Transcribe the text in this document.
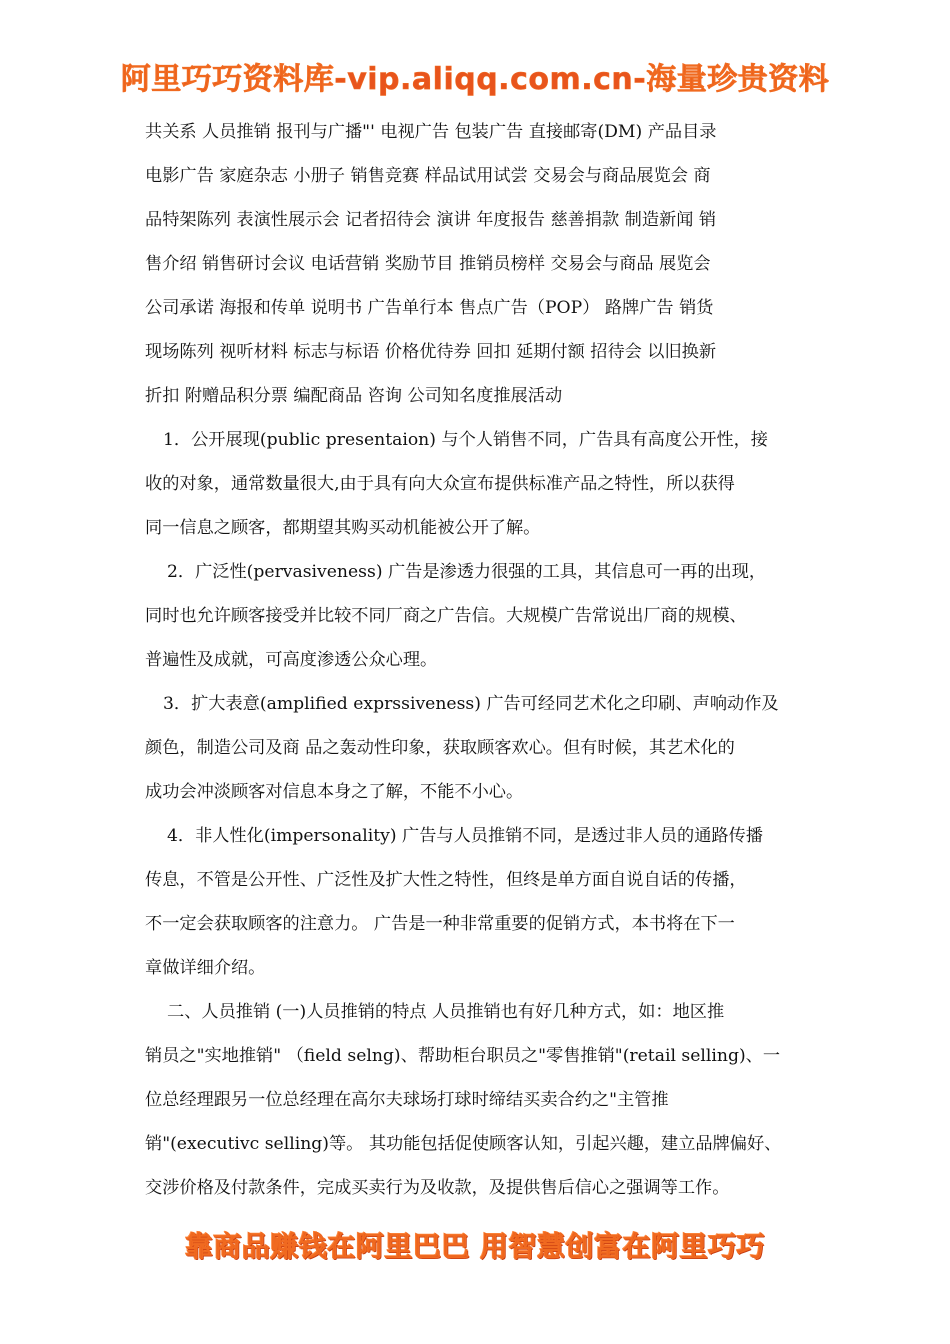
阿里巧巧资料库-vip.aliqq.com.cn-海量珍贵资料
共关系 人员推销 报刊与广播"' 电视广告 包装广告 直接邮寄(DM) 产品目录
电影广告 家庭杂志 小册子 销售竞赛 样品试用试尝 交易会与商品展览会 商
品特架陈列 表演性展示会 记者招待会 演讲 年度报告 慈善捐款 制造新闻 销
售介绍 销售研讨会议 电话营销 奖励节目 推销员榜样 交易会与商品 展览会
公司承诺 海报和传单 说明书 广告单行本 售点广告（POP） 路牌广告 销货
现场陈列 视听材料 标志与标语 价格优待券 回扣 延期付额 招待会 以旧换新
折扣 附赠品积分票 编配商品 咨询 公司知名度推展活动
1．公开展现(public presentaion) 与个人销售不同，广告具有高度公开性，接
收的对象，通常数量很大,由于具有向大众宣布提供标准产品之特性，所以获得
同一信息之顾客，都期望其购买动机能被公开了解。
2．广泛性(pervasiveness) 广告是渗透力很强的工具，其信息可一再的出现，
同时也允许顾客接受并比较不同厂商之广告信。大规模广告常说出厂商的规模、
普遍性及成就，可高度渗透公众心理。
3．扩大表意(amplified exprssiveness) 广告可经同艺术化之印刷、声响动作及
颜色，制造公司及商 品之轰动性印象，获取顾客欢心。但有时候，其艺术化的
成功会冲淡顾客对信息本身之了解，不能不小心。
4．非人性化(impersonality) 广告与人员推销不同，是透过非人员的通路传播
传息，不管是公开性、广泛性及扩大性之特性，但终是单方面自说自话的传播，
不一定会获取顾客的注意力。 广告是一种非常重要的促销方式，本书将在下一
章做详细介绍。
二、人员推销 (一)人员推销的特点 人员推销也有好几种方式，如：地区推
销员之"实地推销" （field selng)、帮助柜台职员之"零售推销"(retail selling)、一
位总经理跟另一位总经理在高尔夫球场打球时缔结买卖合约之"主管推
销"(executivc selling)等。 其功能包括促使顾客认知，引起兴趣，建立品牌偏好、
交涉价格及付款条件，完成买卖行为及收款，及提供售后信心之强调等工作。
靠商品赚钱在阿里巴巴 用智慧创富在阿里巧巧
